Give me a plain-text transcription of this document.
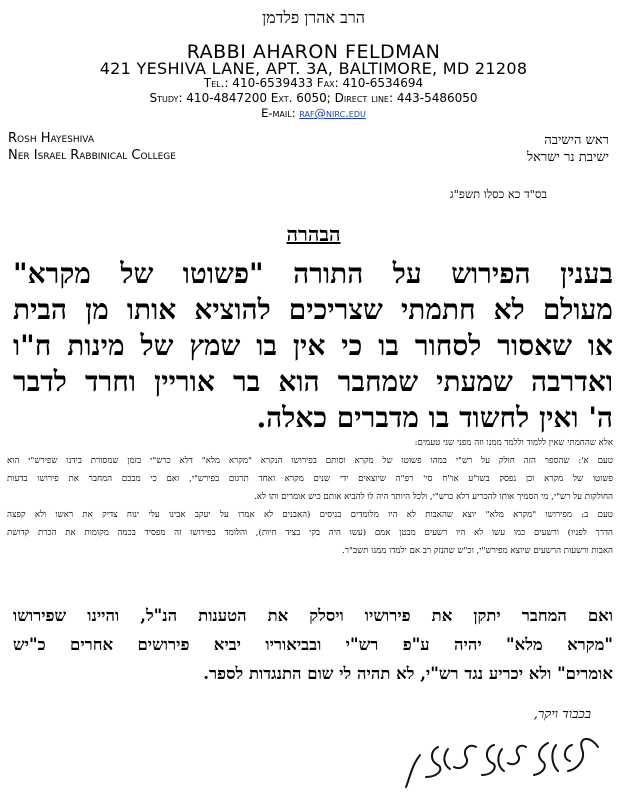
הרב אהרן פלדמן
RABBI AHARON FELDMAN
421 YESHIVA LANE, APT. 3A, BALTIMORE, MD 21208
Tel.: 410-6539433 Fax: 410-6534694
Study: 410-4847200 Ext. 6050; Direct line: 443-5486050
E-mail: raf@nirc.edu
Rosh Hayeshiva
Ner Israel Rabbinical College
ראש הישיבה
ישיבת נר ישראל
בס"ד כא כסלו תשפ"ג
הבהרה
בענין הפירוש על התורה "פשוטו של מקרא"
מעולם לא חתמתי שצריכים להוציא אותו מן הבית
או שאסור לסחור בו כי אין בו שמץ של מינות ח"ו
ואדרבה שמעתי שמחבר הוא בר אוריין וחרד לדבר
ה' ואין לחשוד בו מדברים כאלה.
אלא שהחמתי שאין ללמוד וללמד ממנו וזה מפני שני טעמים:
טעם א': שהספר הזה חולק על רש"י במהו פשוטו של מקרא וסותם בפירושו הנקרא "מקרא מלא" דלא כרש"י בזמן שמסורת בידנו שפירש"י הוא
פשוטו של מקרא וכן נפסק בשו"ע או"ח סי' רפ"ה שיוצאים ידי שנים מקרא ואחד תרגום בפירש"י, ואם כי מבכם המחבר את פירושו בדעות
החולקות על רש"י, מי הסמיך אותו להכריע דלא כרש"י, ולכל היותר היה לו להביא אותם כיש אומרים ותו לא.
טעם ב: מפירושו "מקרא מלא" יוצא שהאבות לא היו מלומדים בניסים (האבנים לא אמרו על יעקב אבינו עלי ינוח צדיק את ראשו ולא קפצה
הדרך לפניו) ורשעים כמו עשו לא היו רשעים מבטן אמם (עשו היה בקי בציד חיות), והלומד בפירושו זה מפסיד בכמה מקומות את הכרת קדושת
האבות ורשעות הרשעים שיוצא מפירש"י, וכ"ש שהנזק רב אם ילמדו ממנו תשב"ר.
ואם המחבר יתקן את פירושיו ויסלק את הטענות הנ"ל, והיינו שפירושו
"מקרא מלא" יהיה ע"פ רש"י ובביאוריו יביא פירושים אחרים כ"יש
אומרים" ולא יכריע נגד רש"י, לא תהיה לי שום התנגדות לספר.
בכבוד ויקר,
